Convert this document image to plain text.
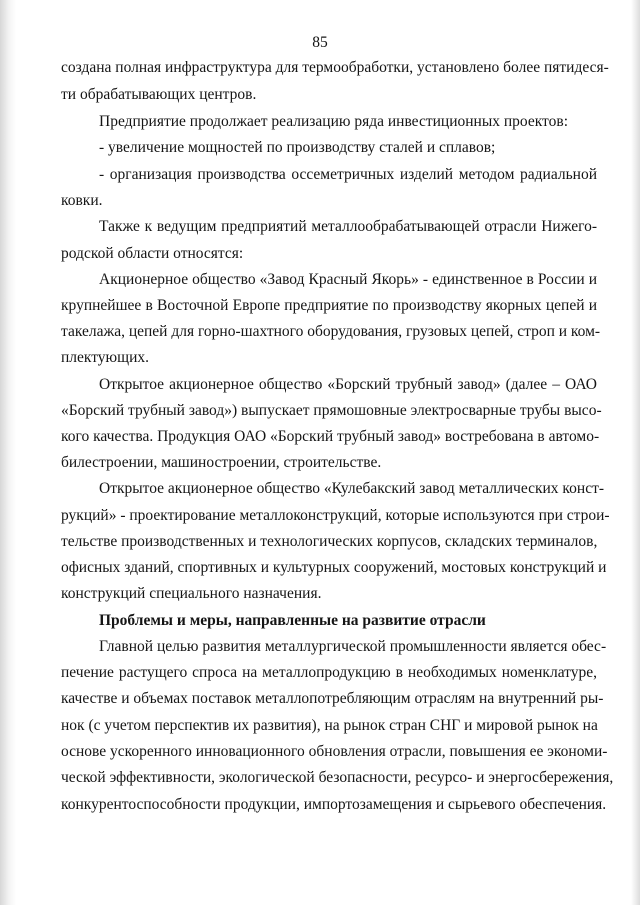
85
создана полная инфраструктура для термообработки, установлено более пятидеся-
ти обрабатывающих центров.
Предприятие продолжает реализацию ряда инвестиционных проектов:
- увеличение мощностей по производству сталей и сплавов;
- организация производства оссеметричных изделий методом радиальной
ковки.
Также к ведущим предприятий металлообрабатывающей отрасли Нижего-
родской области относятся:
Акционерное общество «Завод Красный Якорь» - единственное в России и
крупнейшее в Восточной Европе предприятие по производству якорных цепей и
такелажа, цепей для горно-шахтного оборудования, грузовых цепей, строп и ком-
плектующих.
Открытое акционерное общество «Борский трубный завод» (далее – ОАО
«Борский трубный завод») выпускает прямошовные электросварные трубы высо-
кого качества. Продукция ОАО «Борский трубный завод» востребована в автомо-
билестроении, машиностроении, строительстве.
Открытое акционерное общество «Кулебакский завод металлических конст-
рукций» - проектирование металлоконструкций, которые используются при строи-
тельстве производственных и технологических корпусов, складских терминалов,
офисных зданий, спортивных и культурных сооружений, мостовых конструкций и
конструкций специального назначения.
Проблемы и меры, направленные на развитие отрасли
Главной целью развития металлургической промышленности является обес-
печение растущего спроса на металлопродукцию в необходимых номенклатуре,
качестве и объемах поставок металлопотребляющим отраслям на внутренний ры-
нок (с учетом перспектив их развития), на рынок стран СНГ и мировой рынок на
основе ускоренного инновационного обновления отрасли, повышения ее экономи-
ческой эффективности, экологической безопасности, ресурсо- и энергосбережения,
конкурентоспособности продукции, импортозамещения и сырьевого обеспечения.
